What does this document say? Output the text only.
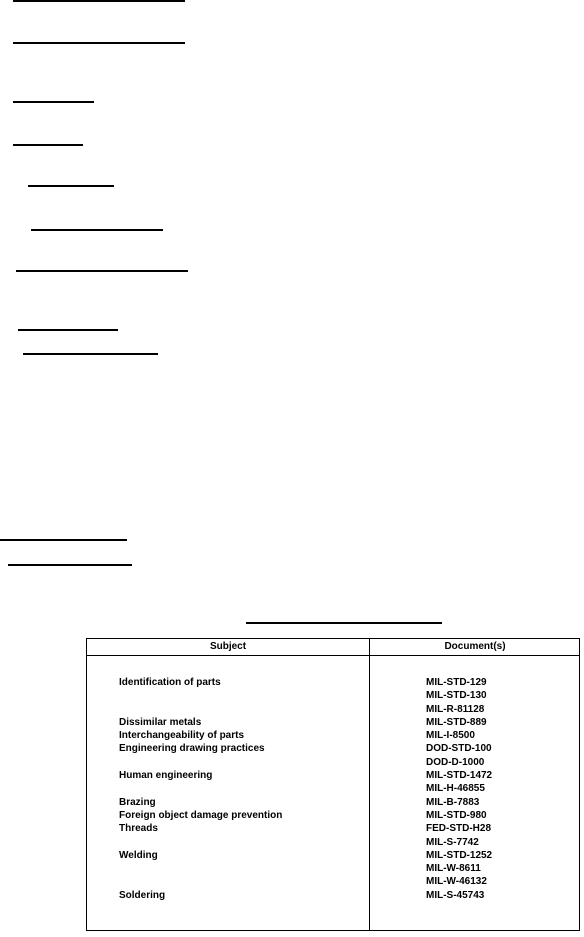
Subject	Document(s)
Identification of parts
Dissimilar metals
Interchangeability of parts
Engineering drawing practices
Human engineering
Brazing
Foreign object damage prevention
Threads
Welding
Soldering
MIL-STD-129
MIL-STD-130
MIL-R-81128
MIL-STD-889
MIL-I-8500
DOD-STD-100
DOD-D-1000
MIL-STD-1472
MIL-H-46855
MIL-B-7883
MIL-STD-980
FED-STD-H28
MIL-S-7742
MIL-STD-1252
MIL-W-8611
MIL-W-46132
MIL-S-45743
